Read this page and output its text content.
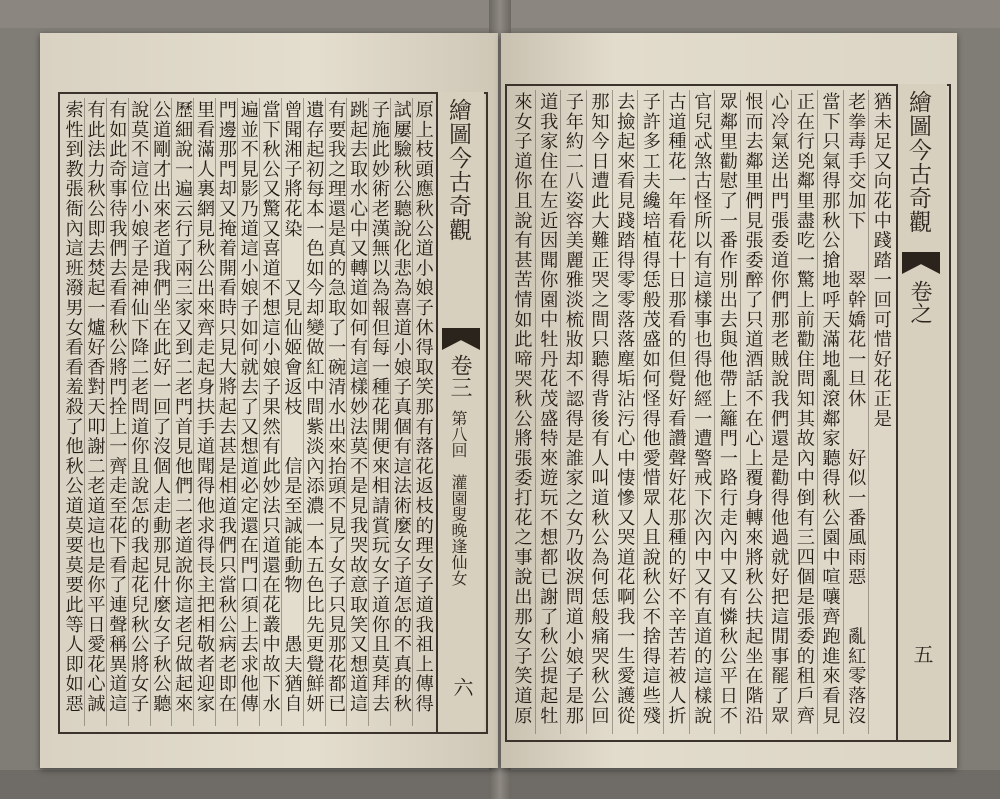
繪圖今古奇觀
卷三
第八回　灌園叟晚逢仙女
六
繪圖今古奇觀
卷之
五
原上枝頭應秋公道小娘子休得取笑那有落花返枝的理女子道我祖上傳得
試屢驗秋公聽說化悲為喜道小娘子真個有這法術麼女子道怎的不真的秋
子施此妙術老漢無以為報但每一種花開便來相請賞玩女子道你且莫拜去
跳起去取水心中又轉道如何有這樣妙法莫不是見我哭故意取笑又想道這
有要我之理還是真的急取了一碗清水出來抬頭不見了女子只見那花都已
遺存起初每本一色如今却變做紅中間紫淡內添濃一本五色比先更覺鮮妍
曾聞湘子將花染　　又見仙姬會返枝　　信是至誠能動物　　愚夫猶自
當下秋公又驚又喜道不想這小娘子果然有此妙法只道還在花叢中故下水
遍並不見影乃道這小娘子如何就去了又想道必定還在門口須上去求他傳
門邊那門却又掩着開看時只見大將起去甚是相道我們只當秋公病老即在
里看滿人裏網見秋公出來齊走起身扶手道聞得他求得長主把相敬者迎家
歷細說一遍云行了兩三家又到二老門首見他們二老道說你這老兒做起來
公道剛才出來老道我們坐在此好一回了沒個人走動那見什麼女子秋公聽
說莫不這位小娘子是神仙下降二老問道你且說怎的我起花兒秋公將女子
有如此奇事待我們去看看秋公將門拴上一齊走至花下看了連聲稱異道這
有此法力秋公即去焚起一爐好香對天叩謝二老道這也是你平日愛花心誠
索性到教張衙內這班潑男女看看羞殺了他秋公道莫要莫要此等人即如惡	猶未足又向花中踐踏一回可惜好花正是
老拳毒手交加下　　翠幹嬌花一旦休　　好似一番風雨惡　　亂紅零落沒
當下只氣得那秋公搶地呼天滿地亂滾鄰家聽得秋公園中喧嚷齊跑進來看見
正在行兇鄰里盡吃一驚上前勸住問知其故內中倒有三四個是張委的租戶齊
心冷氣送出門張委道你們那老賊說我們還是勸得他過就好把這閒事罷了眾
恨而去鄰里們見張委醉了只道酒話不在心上覆身轉來將秋公扶起坐在階沿
眾鄰里勸慰了一番作別出去與他帶上籬門一路行走內中又有憐秋公平日不
官兒忒煞古怪所以有這樣事也得他經一遭警戒下次內中又有直道的這樣說
古道種花一年看花十日那看的但覺好看讚聲好花那種的好不辛苦若被人折
子許多工夫纔培植得恁般茂盛如何怪得他愛惜眾人且說秋公不捨得這些殘
去撿起來看見踐踏得零零落落塵垢沾污心中悽慘又哭道花啊我一生愛護從
那知今日遭此大難正哭之間只聽得背後有人叫道秋公為何恁般痛哭秋公回
子年約二八姿容美麗雅淡梳妝却不認得是誰家之女乃收淚問道小娘子是那
道我家住在左近因聞你園中牡丹花茂盛特來遊玩不想都已謝了秋公提起牡
來女子道你且說有甚苦情如此啼哭秋公將張委打花之事說出那女子笑道原
